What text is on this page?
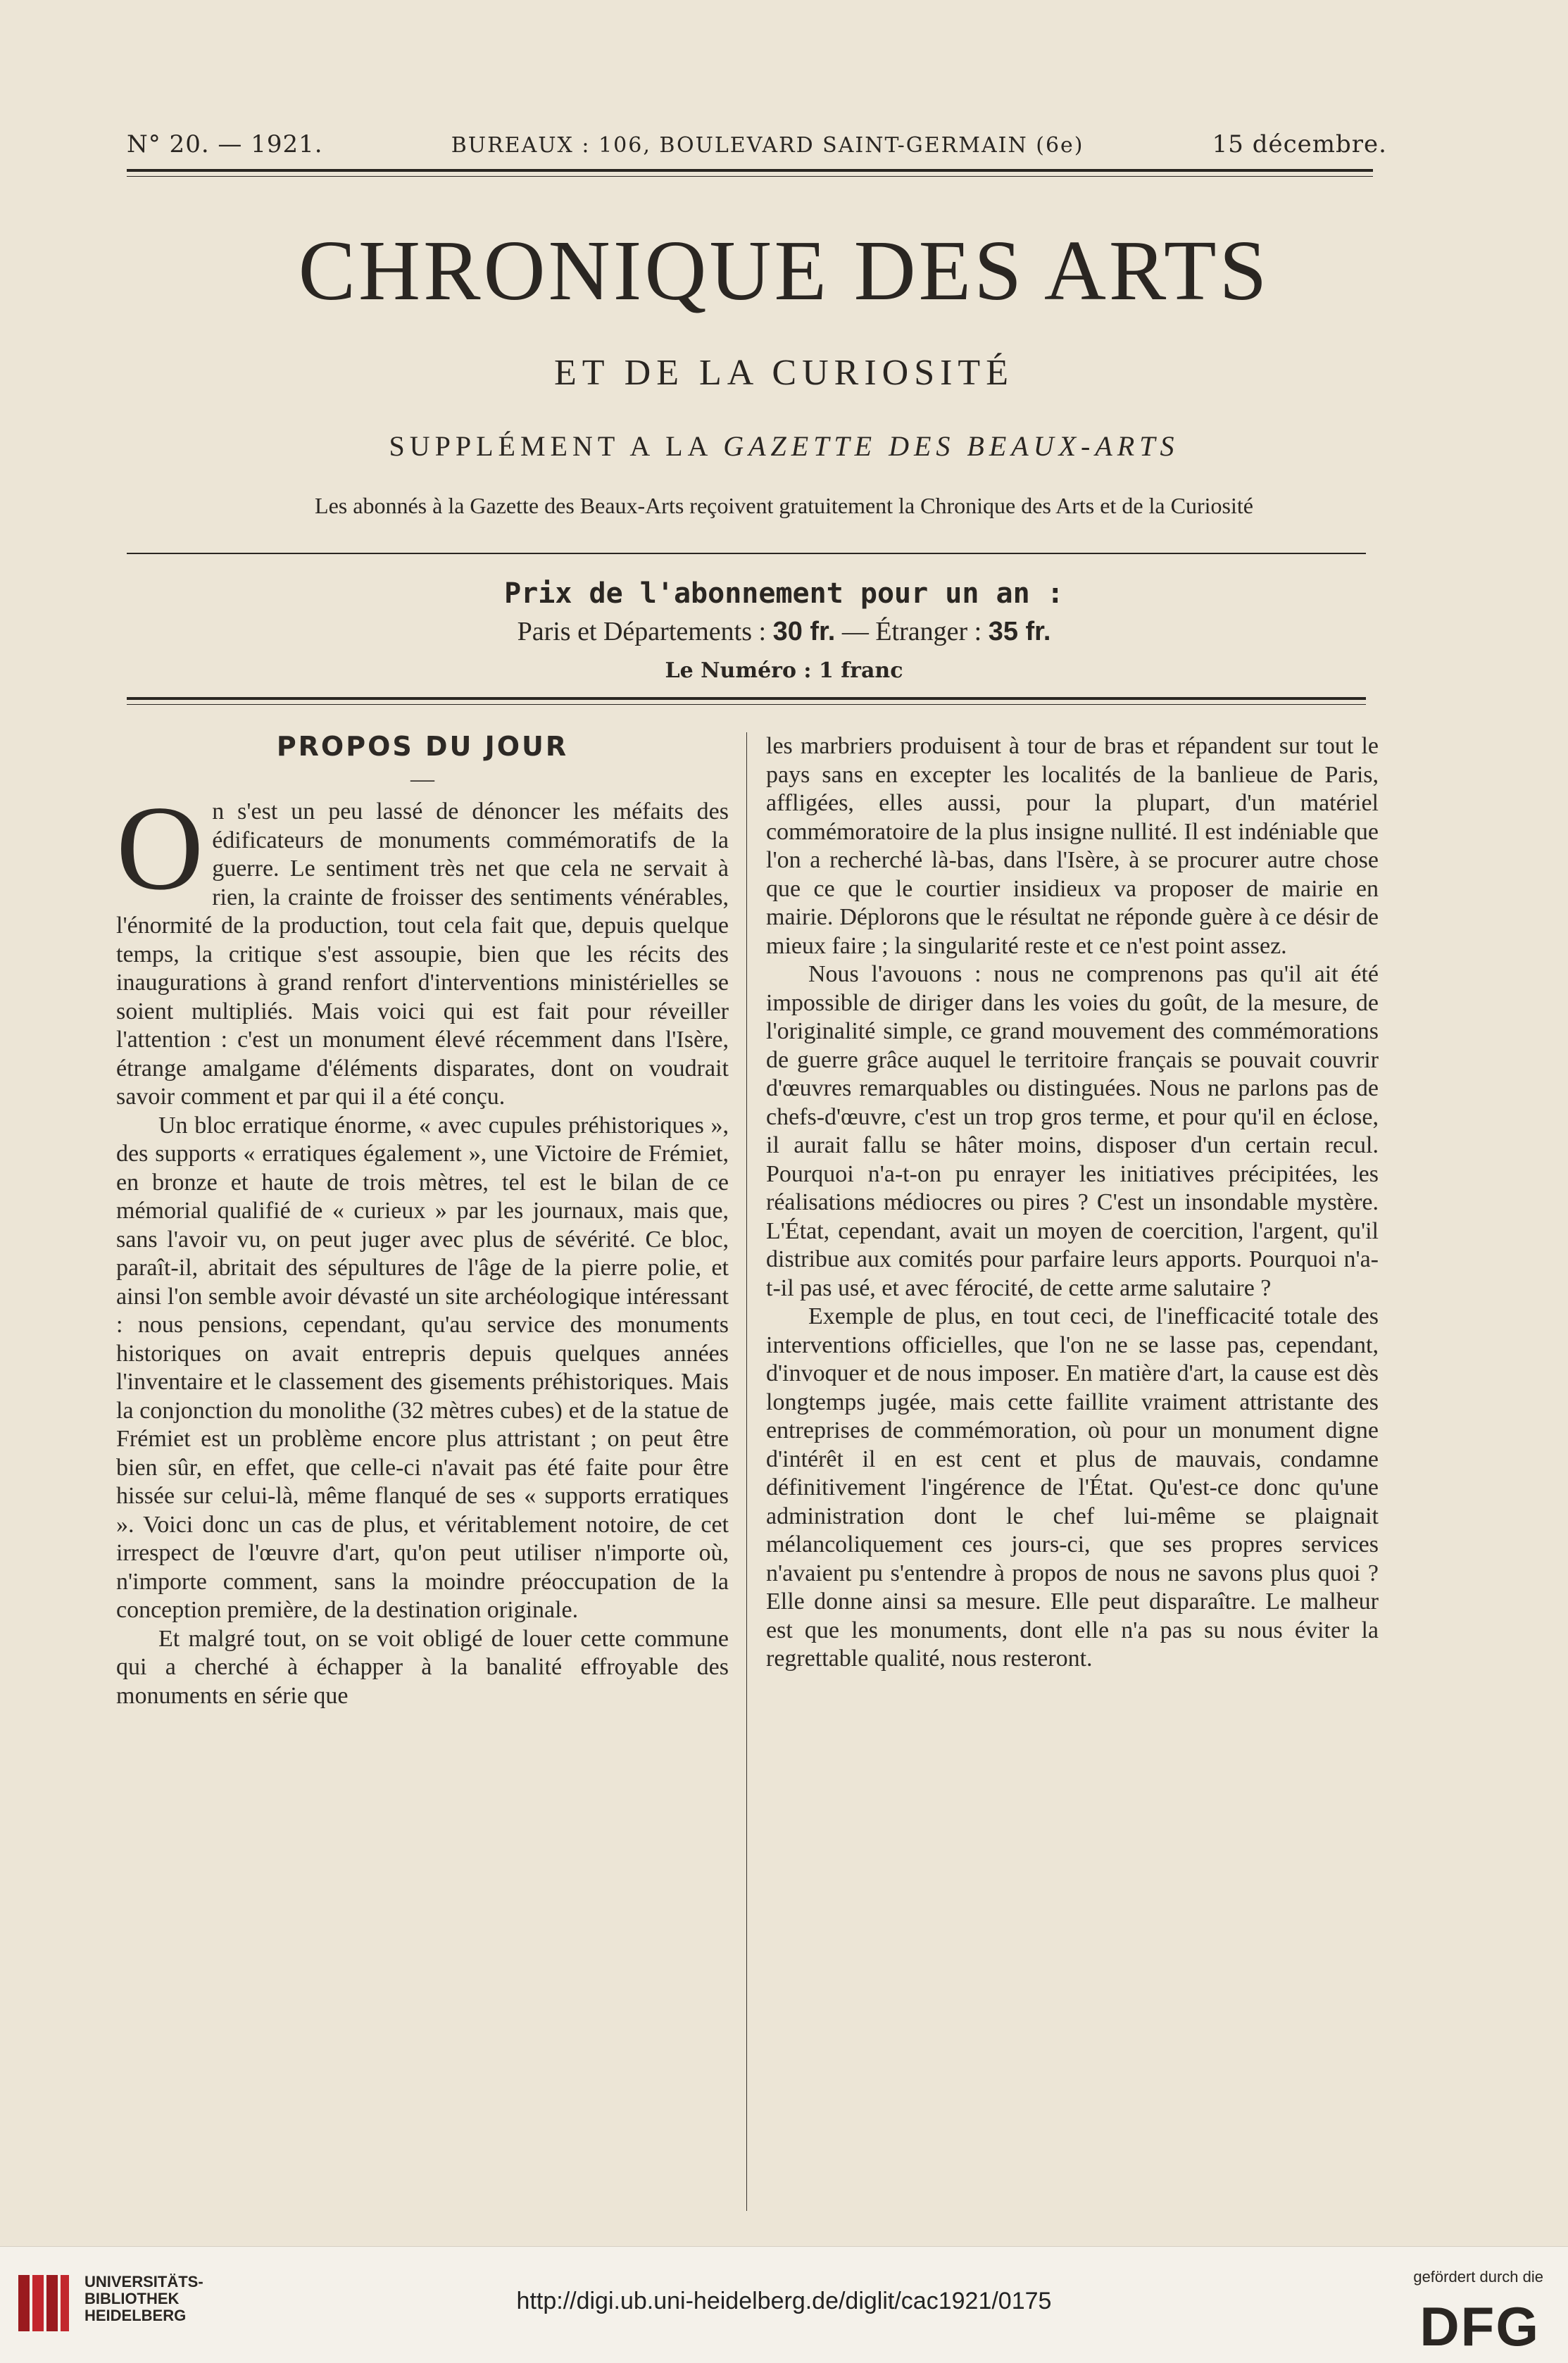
N° 20. — 1921.	BUREAUX : 106, BOULEVARD SAINT-GERMAIN (6e)	15 décembre.
CHRONIQUE DES ARTS
ET DE LA CURIOSITÉ
SUPPLÉMENT A LA GAZETTE DES BEAUX-ARTS
Les abonnés à la Gazette des Beaux-Arts reçoivent gratuitement la Chronique des Arts et de la Curiosité
Prix de l'abonnement pour un an :
Paris et Départements : 30 fr. — Étranger : 35 fr.
Le Numéro : 1 franc
PROPOS DU JOUR
—

On s'est un peu lassé de dénoncer les méfaits des édificateurs de monuments commémoratifs de la guerre. Le sentiment très net que cela ne servait à rien, la crainte de froisser des sentiments vénérables, l'énormité de la production, tout cela fait que, depuis quelque temps, la critique s'est assoupie, bien que les récits des inaugurations à grand renfort d'interventions ministérielles se soient multipliés. Mais voici qui est fait pour réveiller l'attention : c'est un monument élevé récemment dans l'Isère, étrange amalgame d'éléments disparates, dont on voudrait savoir comment et par qui il a été conçu.

Un bloc erratique énorme, « avec cupules préhistoriques », des supports « erratiques également », une Victoire de Frémiet, en bronze et haute de trois mètres, tel est le bilan de ce mémorial qualifié de « curieux » par les journaux, mais que, sans l'avoir vu, on peut juger avec plus de sévérité. Ce bloc, paraît-il, abritait des sépultures de l'âge de la pierre polie, et ainsi l'on semble avoir dévasté un site archéologique intéressant : nous pensions, cependant, qu'au service des monuments historiques on avait entrepris depuis quelques années l'inventaire et le classement des gisements préhistoriques. Mais la conjonction du monolithe (32 mètres cubes) et de la statue de Frémiet est un problème encore plus attristant ; on peut être bien sûr, en effet, que celle-ci n'avait pas été faite pour être hissée sur celui-là, même flanqué de ses « supports erratiques ». Voici donc un cas de plus, et véritablement notoire, de cet irrespect de l'œuvre d'art, qu'on peut utiliser n'importe où, n'importe comment, sans la moindre préoccupation de la conception première, de la destination originale.

Et malgré tout, on se voit obligé de louer cette commune qui a cherché à échapper à la banalité effroyable des monuments en série que

les marbriers produisent à tour de bras et répandent sur tout le pays sans en excepter les localités de la banlieue de Paris, affligées, elles aussi, pour la plupart, d'un matériel commémoratoire de la plus insigne nullité. Il est indéniable que l'on a recherché là-bas, dans l'Isère, à se procurer autre chose que ce que le courtier insidieux va proposer de mairie en mairie. Déplorons que le résultat ne réponde guère à ce désir de mieux faire ; la singularité reste et ce n'est point assez.

Nous l'avouons : nous ne comprenons pas qu'il ait été impossible de diriger dans les voies du goût, de la mesure, de l'originalité simple, ce grand mouvement des commémorations de guerre grâce auquel le territoire français se pouvait couvrir d'œuvres remarquables ou distinguées. Nous ne parlons pas de chefs-d'œuvre, c'est un trop gros terme, et pour qu'il en éclose, il aurait fallu se hâter moins, disposer d'un certain recul. Pourquoi n'a-t-on pu enrayer les initiatives précipitées, les réalisations médiocres ou pires ? C'est un insondable mystère. L'État, cependant, avait un moyen de coercition, l'argent, qu'il distribue aux comités pour parfaire leurs apports. Pourquoi n'a-t-il pas usé, et avec férocité, de cette arme salutaire ?

Exemple de plus, en tout ceci, de l'inefficacité totale des interventions officielles, que l'on ne se lasse pas, cependant, d'invoquer et de nous imposer. En matière d'art, la cause est dès longtemps jugée, mais cette faillite vraiment attristante des entreprises de commémoration, où pour un monument digne d'intérêt il en est cent et plus de mauvais, condamne définitivement l'ingérence de l'État. Qu'est-ce donc qu'une administration dont le chef lui-même se plaignait mélancoliquement ces jours-ci, que ses propres services n'avaient pu s'entendre à propos de nous ne savons plus quoi ? Elle donne ainsi sa mesure. Elle peut disparaître. Le malheur est que les monuments, dont elle n'a pas su nous éviter la regrettable qualité, nous resteront.

UNIVERSITÄTS-
BIBLIOTHEK
HEIDELBERG
http://digi.ub.uni-heidelberg.de/diglit/cac1921/0175
gefördert durch die
DFG
